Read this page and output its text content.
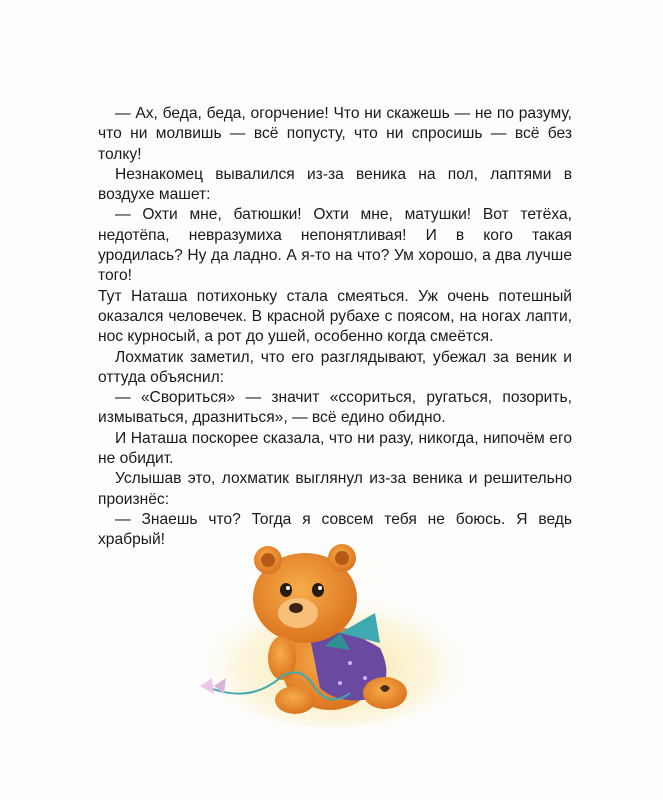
— Ах, беда, беда, огорчение! Что ни скажешь — не по разуму, что ни молвишь — всё попусту, что ни спросишь — всё без толку!

Незнакомец вывалился из-за веника на пол, лаптями в воздухе машет:

— Охти мне, батюшки! Охти мне, матушки! Вот тетёха, недотёпа, невразумиха непонятливая! И в кого такая уродилась? Ну да ладно. А я-то на что? Ум хорошо, а два лучше того!

Тут Наташа потихоньку стала смеяться. Уж очень потешный оказался человечек. В красной рубахе с поясом, на ногах лапти, нос курносый, а рот до ушей, особенно когда смеётся.

Лохматик заметил, что его разглядывают, убежал за веник и оттуда объяснил:

— «Свориться» — значит «ссориться, ругаться, позорить, измываться, дразниться», — всё едино обидно.

И Наташа поскорее сказала, что ни разу, никогда, нипочём его не обидит.

Услышав это, лохматик выглянул из-за веника и решительно произнёс:

— Знаешь что? Тогда я совсем тебя не боюсь. Я ведь храбрый!
